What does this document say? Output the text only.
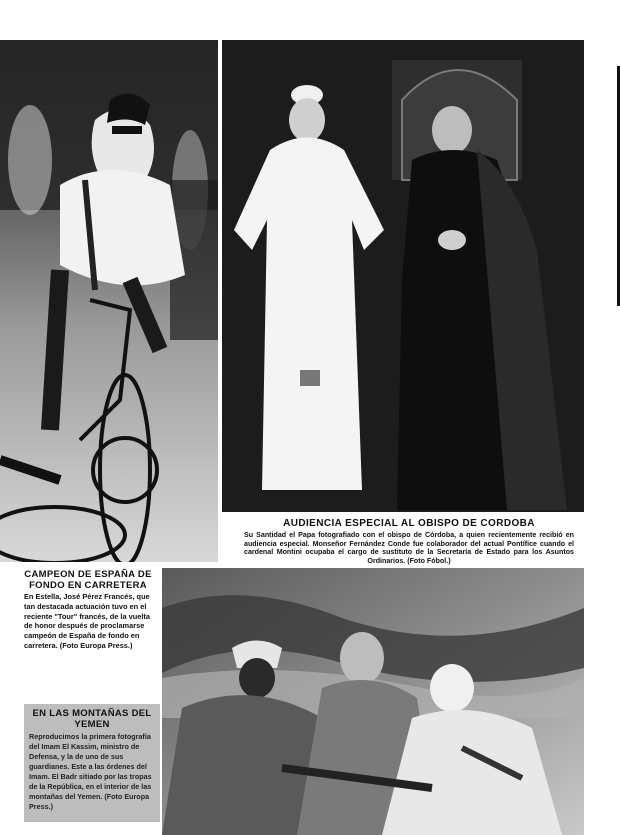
AUDIENCIA ESPECIAL AL OBISPO DE CORDOBA
Su Santidad el Papa fotografiado con el obispo de Córdoba, a quien recientemente recibió en audiencia especial. Monseñor Fernández Conde fue colaborador del actual Pontífice cuando el cardenal Montini ocupaba el cargo de sustituto de la Secretaría de Estado para los Asuntos Ordinarios. (Foto Fóbol.)
CAMPEON DE ESPAÑA DE FONDO EN CARRETERA
En Estella, José Pérez Francés, que tan destacada actuación tuvo en el reciente "Tour" francés, de la vuelta de honor después de proclamarse campeón de España de fondo en carretera. (Foto Europa Press.)
EN LAS MONTAÑAS DEL YEMEN
Reproducimos la primera fotografía del Imam El Kassim, ministro de Defensa, y la de uno de sus guardianes. Este a las órdenes del Imam. El Badr sitiado por las tropas de la República, en el interior de las montañas del Yemen. (Foto Europa Press.)
